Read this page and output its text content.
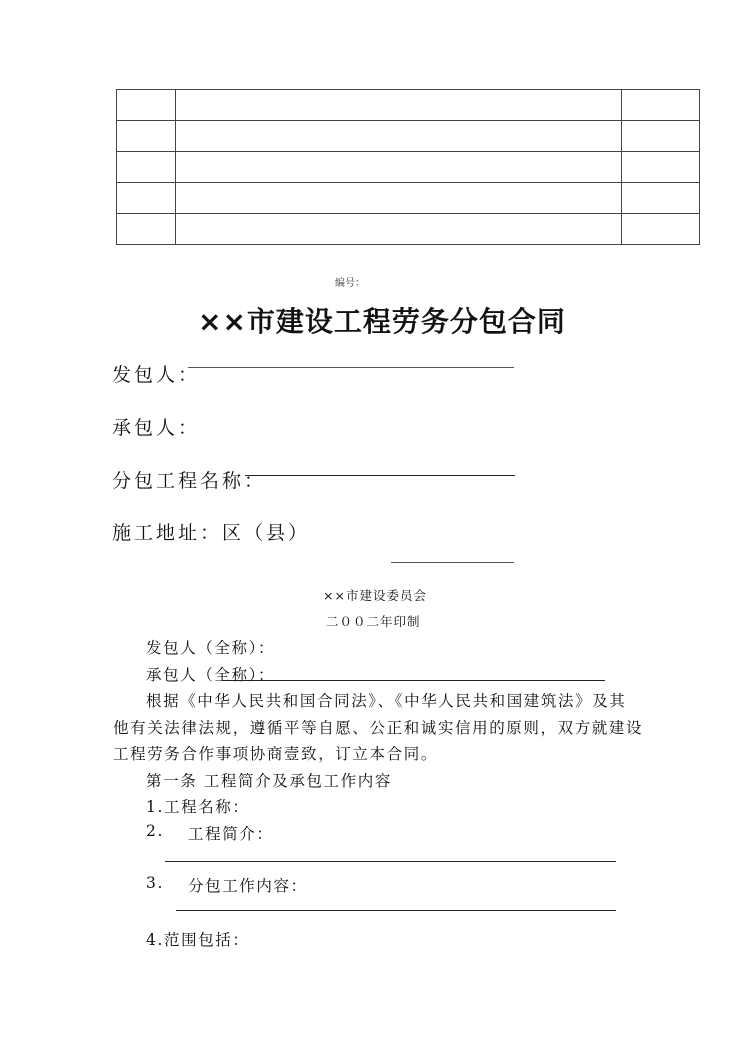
编号：
××市建设工程劳务分包合同
发包人：
承包人：
分包工程名称：
施工地址：区（县）
××市建设委员会
二００二年印制
发包人（全称）：
承包人（全称）：
根据《中华人民共和国合同法》、《中华人民共和国建筑法》及其
他有关法律法规，遵循平等自愿、公正和诚实信用的原则，双方就建设
工程劳务合作事项协商壹致，订立本合同。
第一条 工程简介及承包工作内容
1.工程名称：
2. 工程简介：
3. 分包工作内容：
4.范围包括：
